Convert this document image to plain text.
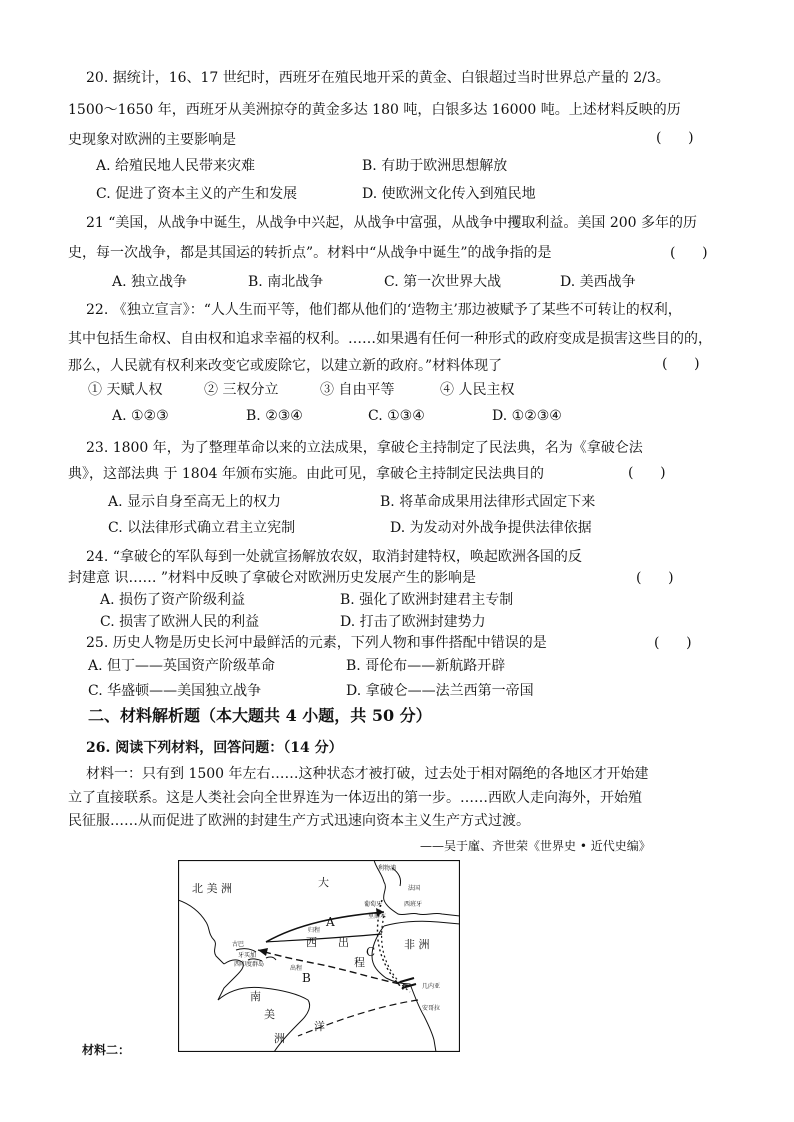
20. 据统计，16、17 世纪时，西班牙在殖民地开采的黄金、白银超过当时世界总产量的 2/3。
1500～1650 年，西班牙从美洲掠夺的黄金多达 180 吨，白银多达 16000 吨。上述材料反映的历
史现象对欧洲的主要影响是	(      )
A. 给殖民地人民带来灾难	B. 有助于欧洲思想解放
C. 促进了资本主义的产生和发展	D. 使欧洲文化传入到殖民地
21 “美国，从战争中诞生，从战争中兴起，从战争中富强，从战争中攫取利益。美国 200 多年的历
史，每一次战争，都是其国运的转折点”。材料中“从战争中诞生”的战争指的是	(      )
A. 独立战争	B. 南北战争	C. 第一次世界大战	D. 美西战争
22. 《独立宣言》：“人人生而平等，他们都从他们的‘造物主’那边被赋予了某些不可转让的权利，
其中包括生命权、自由权和追求幸福的权利。……如果遇有任何一种形式的政府变成是损害这些目的的，
那么，人民就有权利来改变它或废除它，以建立新的政府。”材料体现了	(      )
① 天赋人权	② 三权分立	③ 自由平等	④ 人民主权
A. ①②③	B. ②③④	C. ①③④	D. ①②③④
23. 1800 年，为了整理革命以来的立法成果，拿破仑主持制定了民法典，名为《拿破仑法
典》，这部法典 于 1804 年颁布实施。由此可见，拿破仑主持制定民法典目的	(      )
A. 显示自身至高无上的权力	B. 将革命成果用法律形式固定下来
C. 以法律形式确立君主立宪制	D. 为发动对外战争提供法律依据
24. “拿破仑的军队每到一处就宣扬解放农奴，取消封建特权，唤起欧洲各国的反
封建意 识…… ”材料中反映了拿破仑对欧洲历史发展产生的影响是	(      )
A. 损伤了资产阶级利益	B. 强化了欧洲封建君主专制
C. 损害了欧洲人民的利益	D. 打击了欧洲封建势力
25. 历史人物是历史长河中最鲜活的元素，下列人物和事件搭配中错误的是	(      )
A. 但丁——英国资产阶级革命	B. 哥伦布——新航路开辟
C. 华盛顿——美国独立战争	D. 拿破仑——法兰西第一帝国
二、材料解析题（本大题共 4 小题，共 50 分）
26. 阅读下列材料，回答问题：（14 分）
材料一：只有到 1500 年左右……这种状态才被打破，过去处于相对隔绝的各地区才开始建
立了直接联系。这是人类社会向全世界连为一体迈出的第一步。……西欧人走向海外，开始殖
民征服……从而促进了欧洲的封建生产方式迅速向资本主义生产方式过渡。
——吴于廑、齐世荣《世界史 • 近代史编》
北 美 洲	大
西 出
程
洋
非 洲
南
美
洲
归程
出程
利物浦
法国
葡萄牙
里斯本
西班牙
西印度群岛
古巴
牙买加
几内亚
安哥拉
A
B
C
材料二：
